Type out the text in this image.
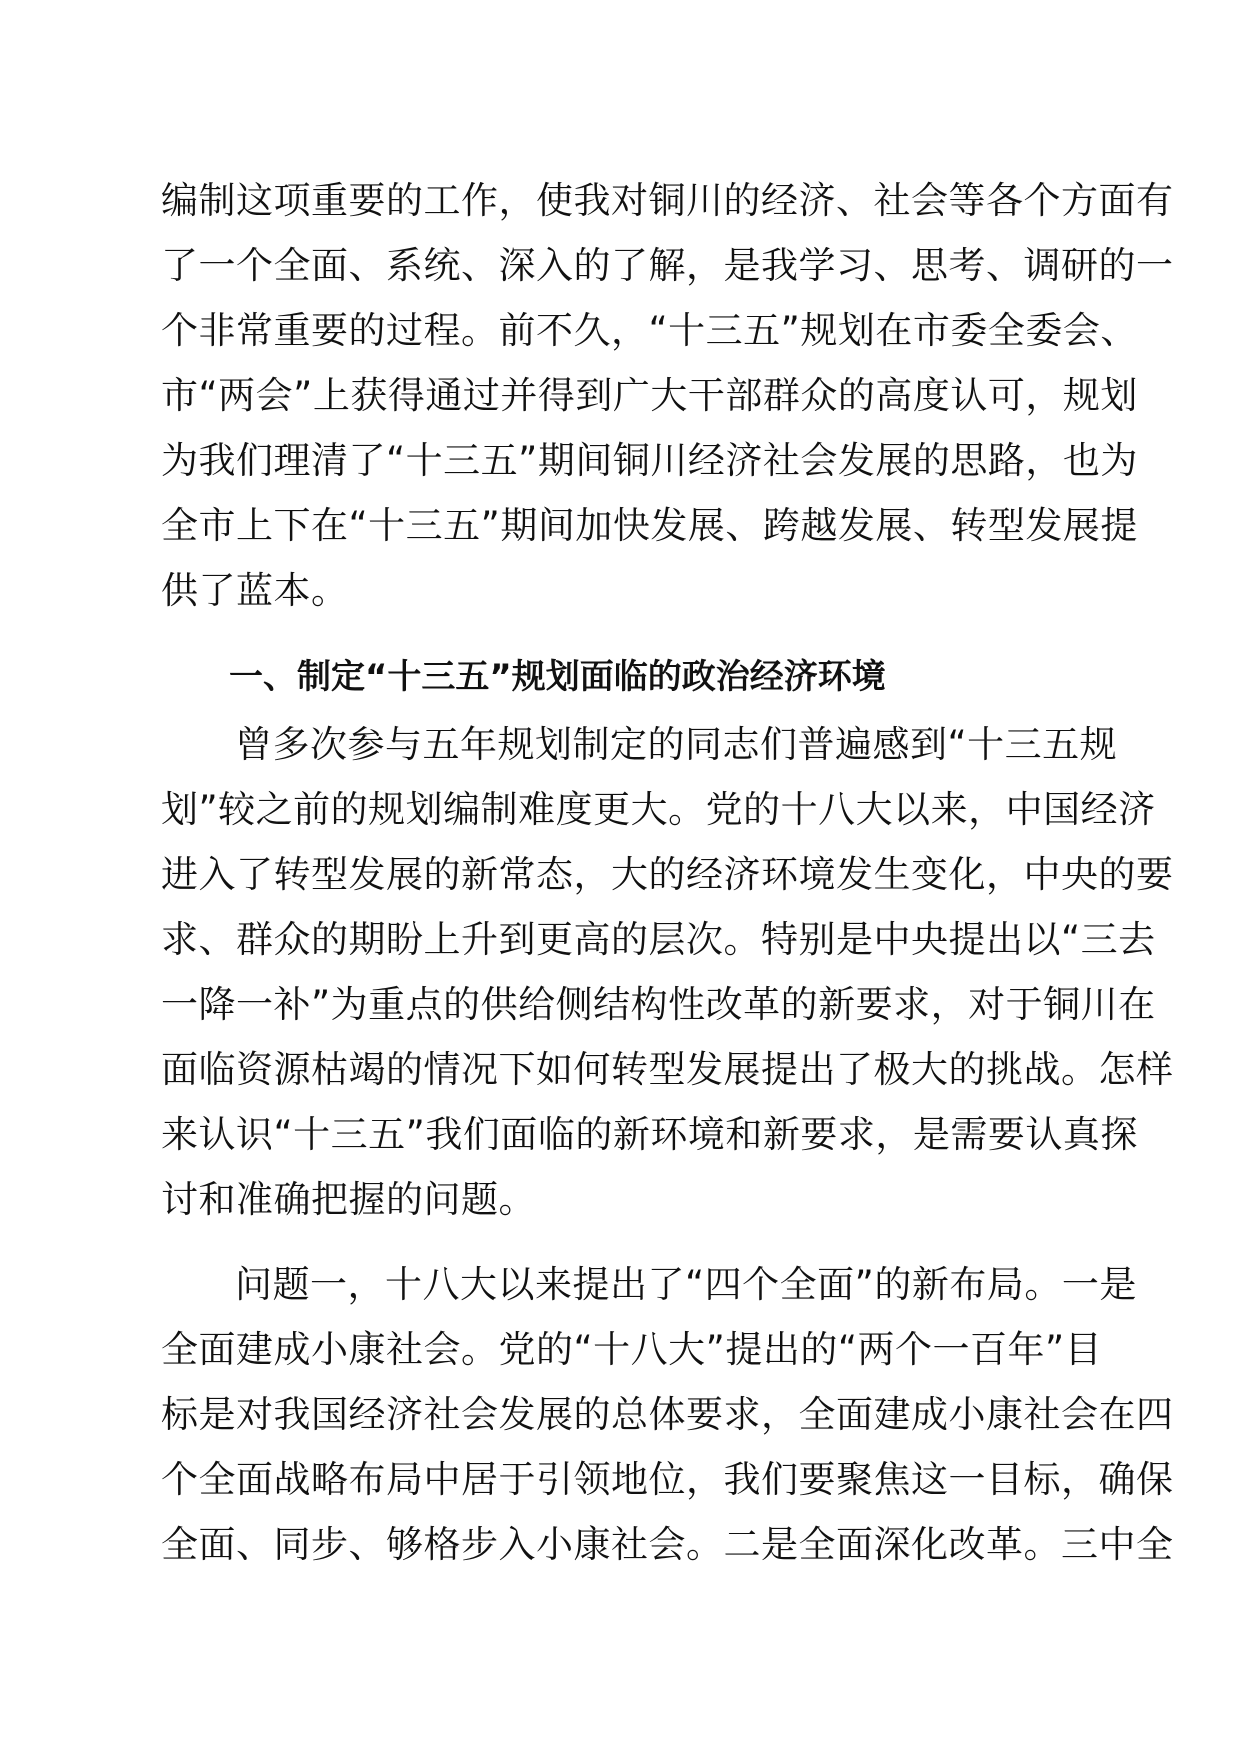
编制这项重要的工作，使我对铜川的经济、社会等各个方面有
了一个全面、系统、深入的了解，是我学习、思考、调研的一
个非常重要的过程。前不久，“十三五”规划在市委全委会、
市“两会”上获得通过并得到广大干部群众的高度认可，规划
为我们理清了“十三五”期间铜川经济社会发展的思路，也为
全市上下在“十三五”期间加快发展、跨越发展、转型发展提
供了蓝本。
一、制定“十三五”规划面临的政治经济环境
曾多次参与五年规划制定的同志们普遍感到“十三五规
划”较之前的规划编制难度更大。党的十八大以来，中国经济
进入了转型发展的新常态，大的经济环境发生变化，中央的要
求、群众的期盼上升到更高的层次。特别是中央提出以“三去
一降一补”为重点的供给侧结构性改革的新要求，对于铜川在
面临资源枯竭的情况下如何转型发展提出了极大的挑战。怎样
来认识“十三五”我们面临的新环境和新要求，是需要认真探
讨和准确把握的问题。
问题一，十八大以来提出了“四个全面”的新布局。一是
全面建成小康社会。党的“十八大”提出的“两个一百年”目
标是对我国经济社会发展的总体要求，全面建成小康社会在四
个全面战略布局中居于引领地位，我们要聚焦这一目标，确保
全面、同步、够格步入小康社会。二是全面深化改革。三中全
